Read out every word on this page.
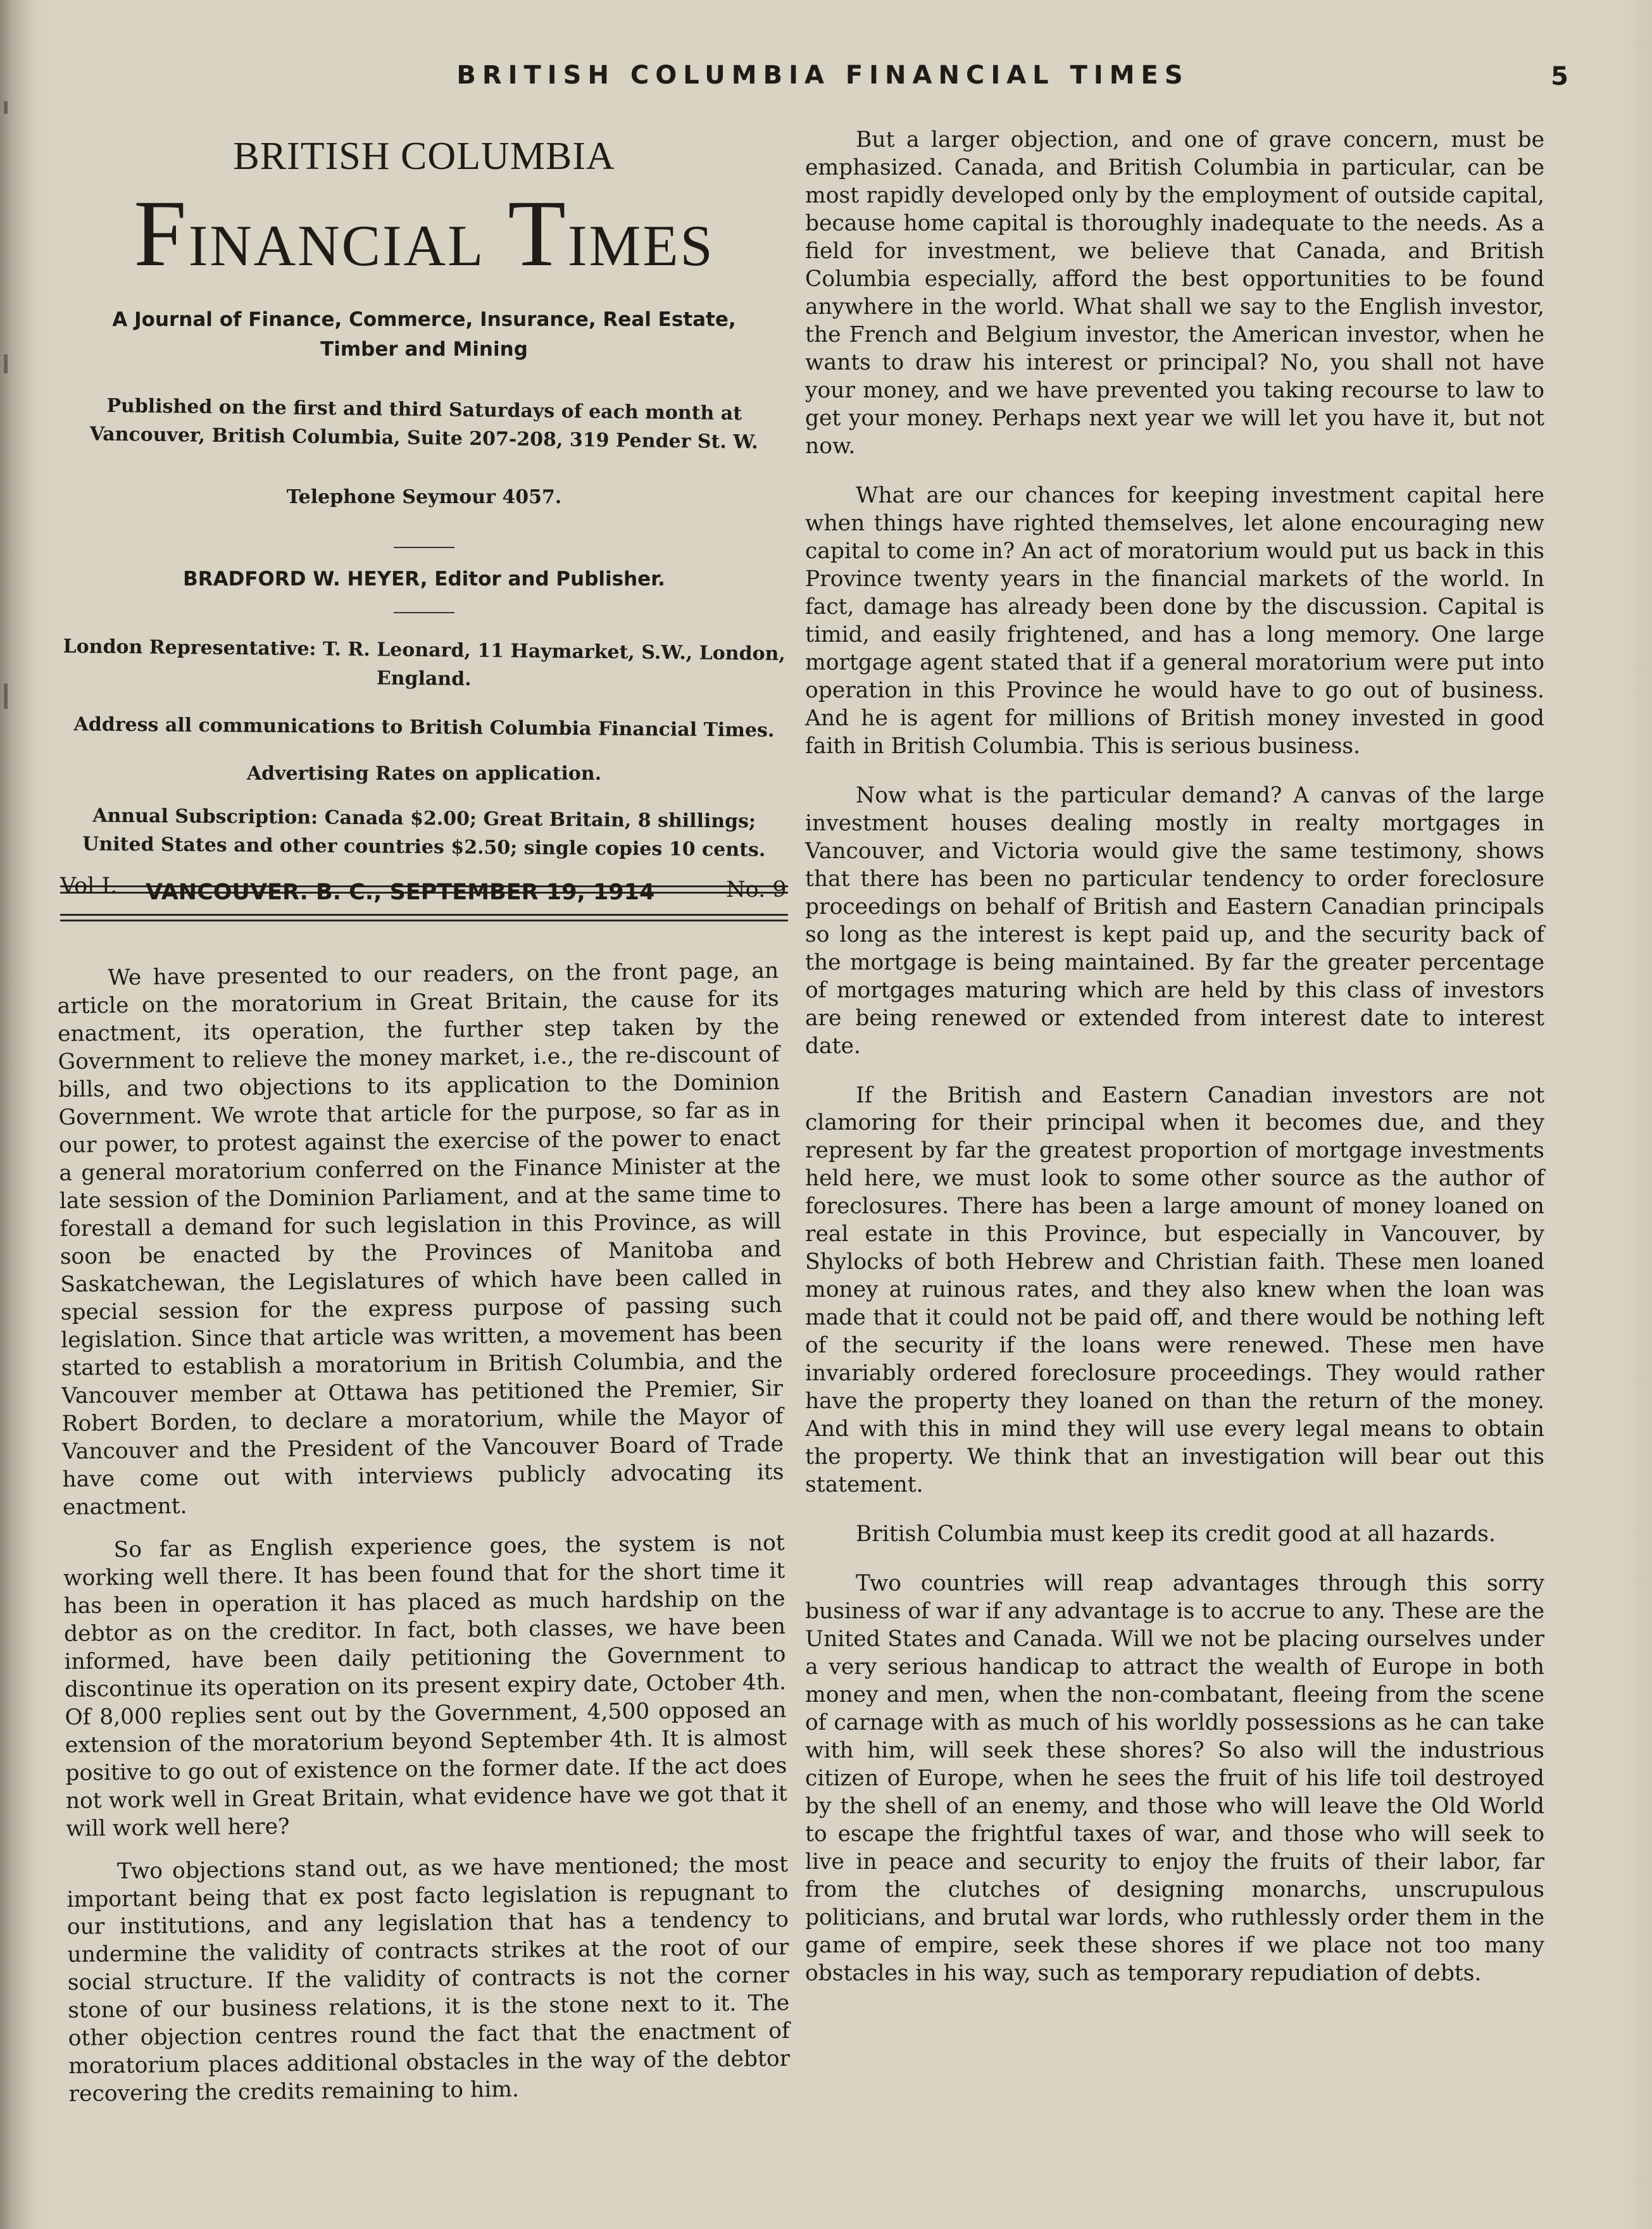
BRITISH COLUMBIA FINANCIAL TIMES	5
BRITISH COLUMBIA
Financial Times
A Journal of Finance, Commerce, Insurance, Real Estate, Timber and Mining
Published on the first and third Saturdays of each month at Vancouver, British Columbia, Suite 207-208, 319 Pender St. W.
Telephone Seymour 4057.
BRADFORD W. HEYER, Editor and Publisher.
London Representative: T. R. Leonard, 11 Haymarket, S.W., London, England.
Address all communications to British Columbia Financial Times.
Advertising Rates on application.
Annual Subscription: Canada $2.00; Great Britain, 8 shillings; United States and other countries $2.50; single copies 10 cents.
Vol I. VANCOUVER. B. C., SEPTEMBER 19, 1914	No. 9

We have presented to our readers, on the front page, an article on the moratorium in Great Britain, the cause for its enactment, its operation, the further step taken by the Government to relieve the money market, i.e., the re-discount of bills, and two objections to its application to the Dominion Government. We wrote that article for the purpose, so far as in our power, to protest against the exercise of the power to enact a general moratorium conferred on the Finance Minister at the late session of the Dominion Parliament, and at the same time to forestall a demand for such legislation in this Province, as will soon be enacted by the Provinces of Manitoba and Saskatchewan, the Legislatures of which have been called in special session for the express purpose of passing such legislation. Since that article was written, a movement has been started to establish a moratorium in British Columbia, and the Vancouver member at Ottawa has petitioned the Premier, Sir Robert Borden, to declare a moratorium, while the Mayor of Vancouver and the President of the Vancouver Board of Trade have come out with interviews publicly advocating its enactment.

So far as English experience goes, the system is not working well there. It has been found that for the short time it has been in operation it has placed as much hardship on the debtor as on the creditor. In fact, both classes, we have been informed, have been daily petitioning the Government to discontinue its operation on its present expiry date, October 4th. Of 8,000 replies sent out by the Government, 4,500 opposed an extension of the moratorium beyond September 4th. It is almost positive to go out of existence on the former date. If the act does not work well in Great Britain, what evidence have we got that it will work well here?

Two objections stand out, as we have mentioned; the most important being that ex post facto legislation is repugnant to our institutions, and any legislation that has a tendency to undermine the validity of contracts strikes at the root of our social structure. If the validity of contracts is not the corner stone of our business relations, it is the stone next to it. The other objection centres round the fact that the enactment of moratorium places additional obstacles in the way of the debtor recovering the credits remaining to him.

But a larger objection, and one of grave concern, must be emphasized. Canada, and British Columbia in particular, can be most rapidly developed only by the employment of outside capital, because home capital is thoroughly inadequate to the needs. As a field for investment, we believe that Canada, and British Columbia especially, afford the best opportunities to be found anywhere in the world. What shall we say to the English investor, the French and Belgium investor, the American investor, when he wants to draw his interest or principal? No, you shall not have your money, and we have prevented you taking recourse to law to get your money. Perhaps next year we will let you have it, but not now.

What are our chances for keeping investment capital here when things have righted themselves, let alone encouraging new capital to come in? An act of moratorium would put us back in this Province twenty years in the financial markets of the world. In fact, damage has already been done by the discussion. Capital is timid, and easily frightened, and has a long memory. One large mortgage agent stated that if a general moratorium were put into operation in this Province he would have to go out of business. And he is agent for millions of British money invested in good faith in British Columbia. This is serious business.

Now what is the particular demand? A canvas of the large investment houses dealing mostly in realty mortgages in Vancouver, and Victoria would give the same testimony, shows that there has been no particular tendency to order foreclosure proceedings on behalf of British and Eastern Canadian principals so long as the interest is kept paid up, and the security back of the mortgage is being maintained. By far the greater percentage of mortgages maturing which are held by this class of investors are being renewed or extended from interest date to interest date.

If the British and Eastern Canadian investors are not clamoring for their principal when it becomes due, and they represent by far the greatest proportion of mortgage investments held here, we must look to some other source as the author of foreclosures. There has been a large amount of money loaned on real estate in this Province, but especially in Vancouver, by Shylocks of both Hebrew and Christian faith. These men loaned money at ruinous rates, and they also knew when the loan was made that it could not be paid off, and there would be nothing left of the security if the loans were renewed. These men have invariably ordered foreclosure proceedings. They would rather have the property they loaned on than the return of the money. And with this in mind they will use every legal means to obtain the property. We think that an investigation will bear out this statement.

British Columbia must keep its credit good at all hazards.

Two countries will reap advantages through this sorry business of war if any advantage is to accrue to any. These are the United States and Canada. Will we not be placing ourselves under a very serious handicap to attract the wealth of Europe in both money and men, when the non-combatant, fleeing from the scene of carnage with as much of his worldly possessions as he can take with him, will seek these shores? So also will the industrious citizen of Europe, when he sees the fruit of his life toil destroyed by the shell of an enemy, and those who will leave the Old World to escape the frightful taxes of war, and those who will seek to live in peace and security to enjoy the fruits of their labor, far from the clutches of designing monarchs, unscrupulous politicians, and brutal war lords, who ruthlessly order them in the game of empire, seek these shores if we place not too many obstacles in his way, such as temporary repudiation of debts.
